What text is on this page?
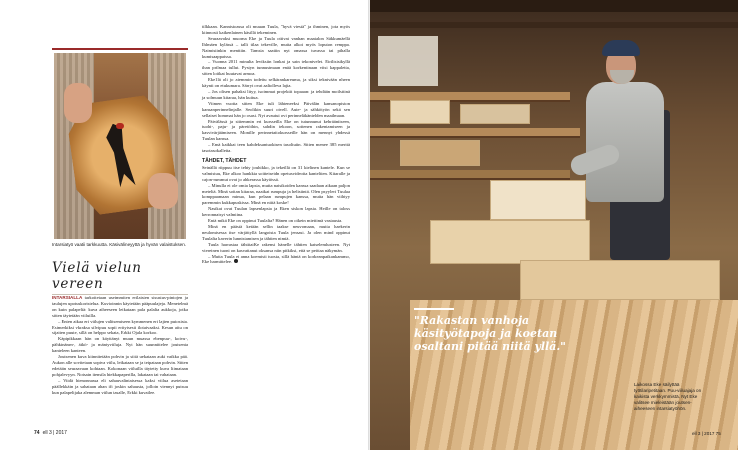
Intarsiatyö vaatii tarkkuutta. Käsivälineyyttä ja hyvän valaistuksen.
Vielä vielun vereen

INTARSIALLA tarkoitetaan useimmiten erilaisten sisustus-pintojen ja taulujen upotuskoristelua. Kuvioinnin käytetään pääpuulajeja. Menetelmä on kuin palapeliä: kuva aiheeseen leikataan pala palalta aukkoja, jotka sitten täytetään viiluilla.

– Enten aikaa eri viilujen valitsemiseen kymmenen eri lajien puiosista. Esimerkiksi vkraksa silvipuu sopii erityisesti ilotaivaaksi. Kesun aitu on sijaiten puute, sillä on helppo sekata, Erkki Ojala korkoo.

Käpipikkaan hän on käyttänyt muun muassa ebenpuu-, koivu-, pähkinänrn-, ätkö- ja mäntyviiluja. Nyt hän suunnittelee joutsenta kanteleen kanteen.

Joutsenen kuva kiinnitetään pohvin ja siitä uekataan auki vaikka pää. Aukon alle sovitetaan sopiva viilu, leikataan se ja teipataan pohvin. Sitten edetään seuraavaan kohtaan. Kokonaan viiluilla täytetty kuva liimataan pohjalevyyn. Notsain itensila hiekkapaperilla, lakataan tai vahataan.

– Viidä hienonnassa eli sahauvalintaisessa kaksi viilua asetetaan päällekkäin ja sahataan ahan ifi joskin sahausta, jolloin viennyt putsuu kun palapelijaka alemman viilun tasalle, Erkki kuvailee.

tilkkaan. Kannistoassa oli muuan Tuula, "hyvä viestä" ja ihminen, jota myös kiinnosti kaikenlainen käsillä tekeminen.

Seuraavaksi muorna Eke ja Tuula ottivat vanhan maatalon Säkkumäellä Ihlmäen kylässä – talli tilaa tekeville, mutta alkoi myös loputon remppa. Naimisiinkin menttiin. Tamsia saatiin nyt omassa tuvassa tai pihalla kumisaappaissa.

– Vuonna 2011 minulta leviksiin lonkat ja sain tekonivelet. Eirilisisikyllä ihan prilmaa tullut. Pystyn tunnustmaan enää korkentinaan vitsi kappaletta, sitten loitkat huutavat armoa.

Eke1lä oli jo aiemmin todettu selkärankareuma, ja siksi teknivään nheen käynti on etukumara. Särryt ovat aaltolleva lajia.

– Jos olisen pahaksi lityy, isoimmat projektit topaaan: ja tehdään moilsttinä ja solmuun kitaraa, hän kuitua.

Viimen vuotta sitten Eke tuli lähteneeksi Päivälän kansanopiston kansanperinnelinjalle. Seolikin suuri oivell. Aute- ja sähkötyön sekä sen sellaiset hommat hän jo osasi. Nyt avautui ovi perinneläkäntelden maailmaan.

Päivälässä ja sittemmin eri kursseilla Eke on tutunnunut kehrääniiseen, tuohi-, paju- ja päretöihin, sahdin tekoon, sottenen rakentamiseen ja kasvivärjäämiseen. Monille perinnetaitokursseille hän on mennyt yhdessä Tuulan kanssa.

– Emä kaikkai teen kahdeksantuokisen tasoltuiin. Sitten menee 385 meritä tasotasokalleita.

TÄHDET, TÄHDET

Seinällä riippuu itse tehty jouhikko, ja tekeillä on 31 kielinen kantele. Kun se valmistuu, Eke alkoo hankkia soitteiseidn opetusvideoita kanteltien. Kitaralle ja cajon-rummut ovat jo ahkerassa käytössä.

– Minulla ei ole omia lapsia, mutta naisikoiden kanssa saadaan aikaan paljon meteliä. Minä soitan kitaraa, naaikat rumpuja ja helistintä. Olen psyyleri Tuulaa komppaamaan minua, kun pelaan rumpujen kanssa, mutta hän viihtyy paremmin kukkapuskissa. Minä en niitä koske!

Nasikat ovat Tuulan lapsenlapsia ja Eken siskon lapsia. Heille on taloss kerronnaisyt valmiina.

Entä mikä Eke on oppinut Tuulalta? Hänen on oikein miettimä vastausta.

Minä en päästä ketään sellin taakse neuvomaan, mutta haekerin neulomisessa itse värjättyllä langoista Tuula jensasi. Ja olen mind oppinut Tuulalta kaverin lunnistamisen ja tähtien nimiä.

Tuula harrastaa tähtitaiKe rakensi hänelle tähtien katselemlusteen. Nyt viereinen tuoni on kasvattanut oksansa niin pitkiksi, että se peittaa näkymän.

– Mutta Tuula ei anna koemisti tuosta, sillä häntä on korkeanpaikankammo, Eke harmittelee.

74 ell 3 | 2017
"Rakastan vanhoja käsityötapoja ja koetan osaltani pitää niitä yllä."
Laikossa Eke säilyttää työtilaripetitaan. Puu-viiluajaja on kaikista verkkymmistä. Nyt Eke valitsee mieleistään joutsen-aiheeseen intarsiatyöhön.
ell 3 | 2017 75
